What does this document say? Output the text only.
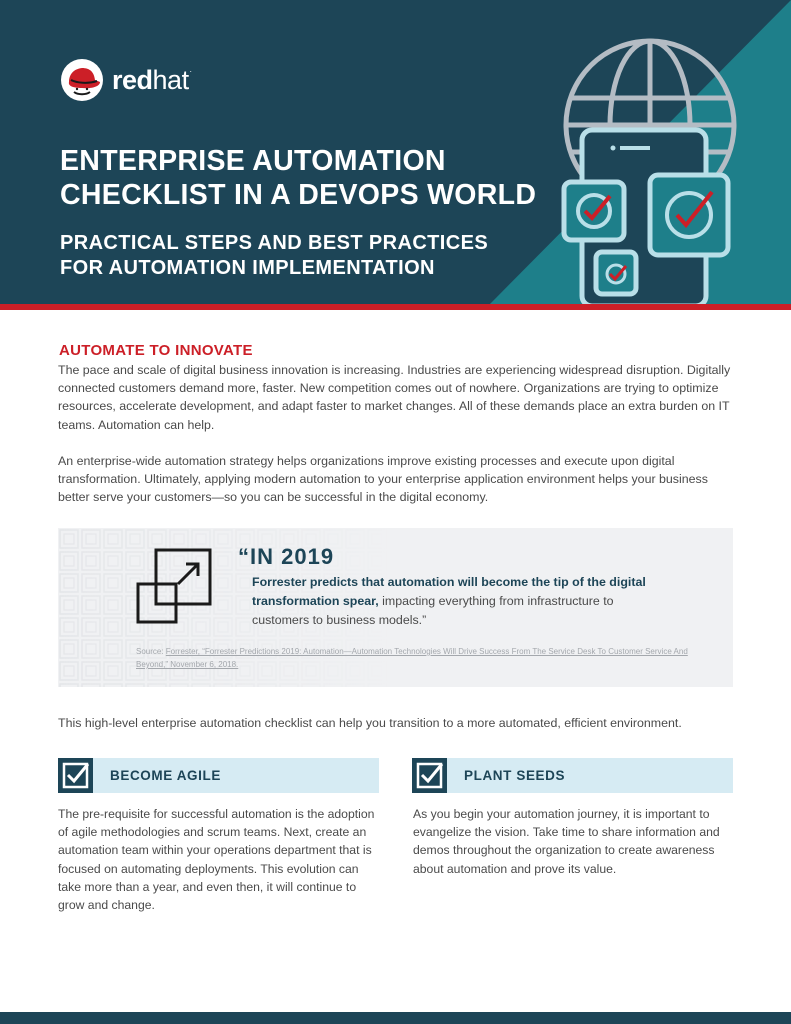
redhat.
ENTERPRISE AUTOMATION
CHECKLIST IN A DEVOPS WORLD
PRACTICAL STEPS AND BEST PRACTICES
FOR AUTOMATION IMPLEMENTATION
AUTOMATE TO INNOVATE
The pace and scale of digital business innovation is increasing. Industries are experiencing widespread disruption. Digitally connected customers demand more, faster. New competition comes out of nowhere. Organizations are trying to optimize resources, accelerate development, and adapt faster to market changes. All of these demands place an extra burden on IT teams. Automation can help.
An enterprise-wide automation strategy helps organizations improve existing processes and execute upon digital transformation. Ultimately, applying modern automation to your enterprise application environment helps your business better serve your customers—so you can be successful in the digital economy.
“IN 2019
Forrester predicts that automation will become the tip of the digital transformation spear, impacting everything from infrastructure to customers to business models.”
Source: Forrester, “Forrester Predictions 2019: Automation—Automation Technologies Will Drive Success From The Service Desk To Customer Service And Beyond,” November 6, 2018.
This high-level enterprise automation checklist can help you transition to a more automated, efficient environment.
BECOME AGILE
The pre-requisite for successful automation is the adoption of agile methodologies and scrum teams. Next, create an automation team within your operations department that is focused on automating deployments. This evolution can take more than a year, and even then, it will continue to grow and change.
PLANT SEEDS
As you begin your automation journey, it is important to evangelize the vision. Take time to share information and demos throughout the organization to create awareness about automation and prove its value.
